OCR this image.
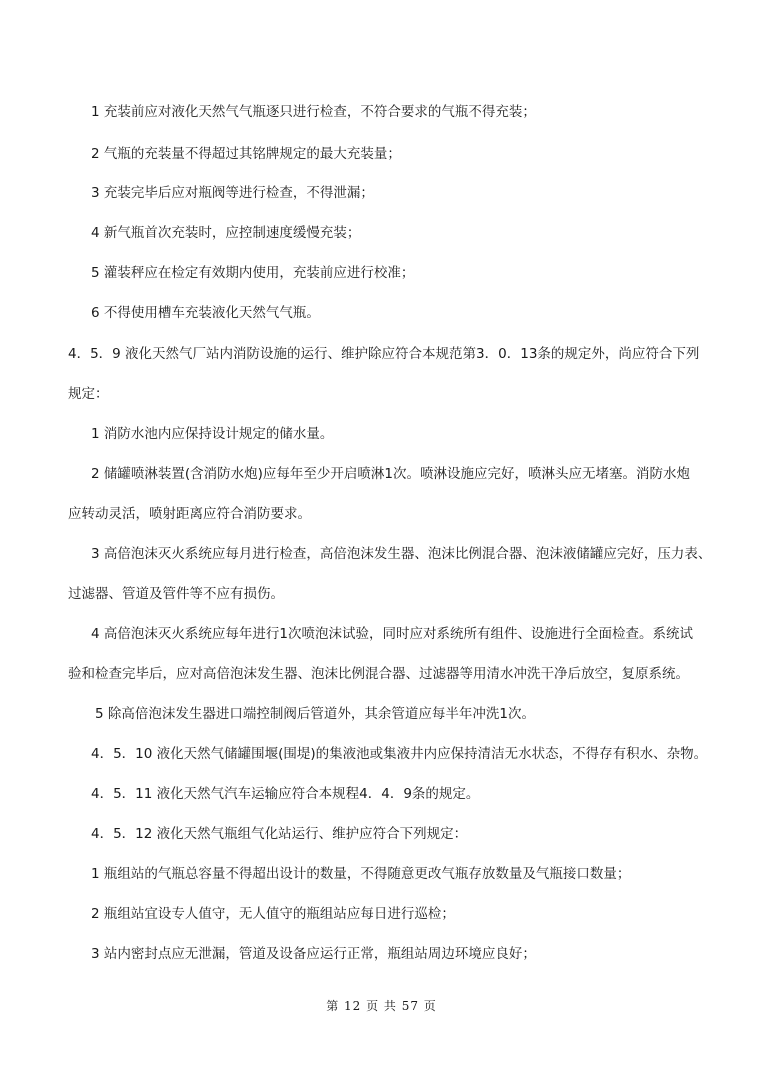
1 充装前应对液化天然气气瓶逐只进行检查，不符合要求的气瓶不得充装；
2 气瓶的充装量不得超过其铭牌规定的最大充装量；
3 充装完毕后应对瓶阀等进行检查，不得泄漏；
4 新气瓶首次充装时，应控制速度缓慢充装；
5 灌装秤应在检定有效期内使用，充装前应进行校准；
6 不得使用槽车充装液化天然气气瓶。
4．5．9 液化天然气厂站内消防设施的运行、维护除应符合本规范第3．0．13条的规定外，尚应符合下列
规定：
1 消防水池内应保持设计规定的储水量。
2 储罐喷淋装置(含消防水炮)应每年至少开启喷淋1次。喷淋设施应完好，喷淋头应无堵塞。消防水炮
应转动灵活，喷射距离应符合消防要求。
3 高倍泡沫灭火系统应每月进行检查，高倍泡沫发生器、泡沫比例混合器、泡沫液储罐应完好，压力表、
过滤器、管道及管件等不应有损伤。
4 高倍泡沫灭火系统应每年进行1次喷泡沫试验，同时应对系统所有组件、设施进行全面检查。系统试
验和检查完毕后，应对高倍泡沫发生器、泡沫比例混合器、过滤器等用清水冲洗干净后放空，复原系统。
5 除高倍泡沫发生器进口端控制阀后管道外，其余管道应每半年冲洗1次。
4．5．10 液化天然气储罐围堰(围堤)的集液池或集液井内应保持清洁无水状态，不得存有积水、杂物。
4．5．11 液化天然气汽车运输应符合本规程4．4．9条的规定。
4．5．12 液化天然气瓶组气化站运行、维护应符合下列规定：
1 瓶组站的气瓶总容量不得超出设计的数量，不得随意更改气瓶存放数量及气瓶接口数量；
2 瓶组站宜设专人值守，无人值守的瓶组站应每日进行巡检；
3 站内密封点应无泄漏，管道及设备应运行正常，瓶组站周边环境应良好；
第 12 页 共 57 页
